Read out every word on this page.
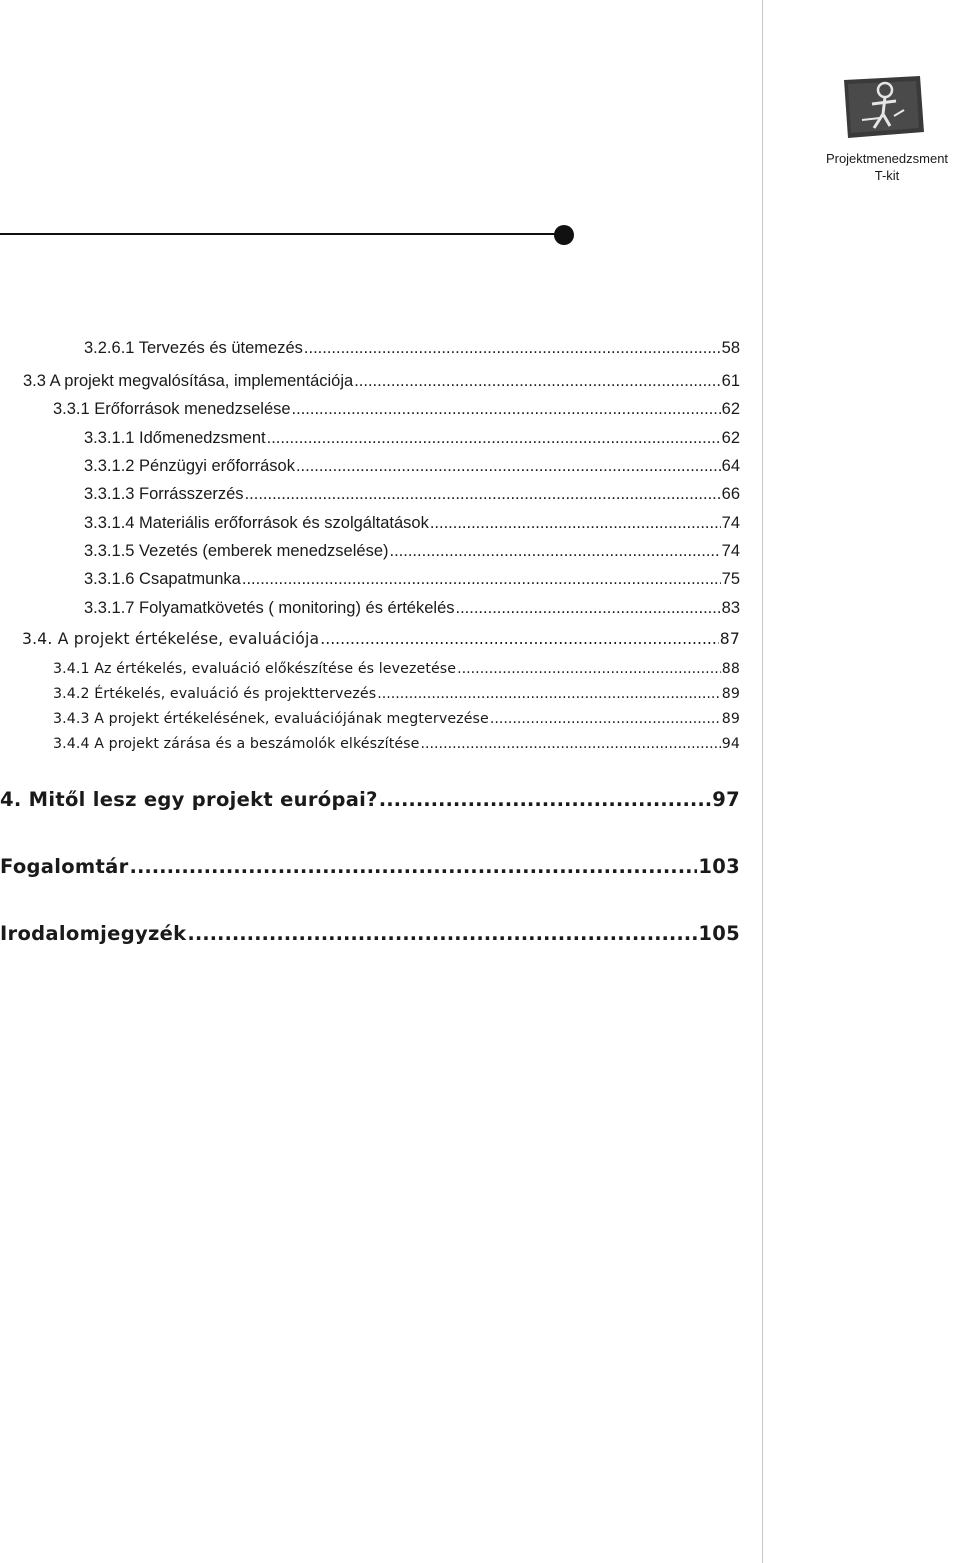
Projektmenedzsment
T-kit
3.2.6.1 Tervezés és ütemezés .....	58
3.3 A projekt megvalósítása, implementációja .....	61
3.3.1 Erőforrások menedzselése .....	62
3.3.1.1 Időmenedzsment .....	62
3.3.1.2 Pénzügyi erőforrások .....	64
3.3.1.3 Forrásszerzés .....	66
3.3.1.4 Materiális erőforrások és szolgáltatások .....	74
3.3.1.5 Vezetés (emberek menedzselése) .....	74
3.3.1.6 Csapatmunka .....	75
3.3.1.7 Folyamatkövetés ( monitoring) és értékelés .....	83
3.4. A projekt értékelése, evaluációja .....	87
3.4.1 Az értékelés, evaluáció előkészítése és levezetése .....	88
3.4.2 Értékelés, evaluáció és projekttervezés .....	89
3.4.3 A projekt értékelésének, evaluációjának megtervezése .....	89
3.4.4 A projekt zárása és a beszámolók elkészítése .....	94
4. Mitől lesz egy projekt európai? .....	97
Fogalomtár .....	103
Irodalomjegyzék .....	105
